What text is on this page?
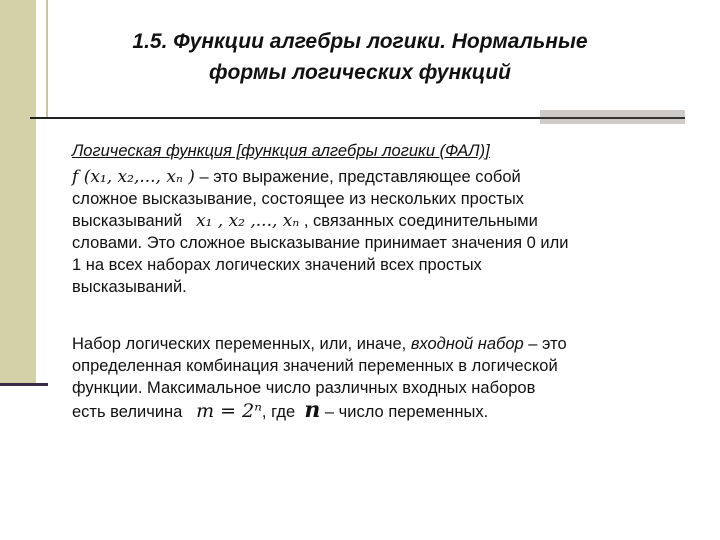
1.5. Функции алгебры логики. Нормальные
формы логических функций
Логическая функция [функция алгебры логики (ФАЛ)]
f (x₁, x₂,..., xₙ ) – это выражение, представляющее собой
сложное высказывание, состоящее из нескольких простых
высказываний x₁ , x₂ ,..., xₙ , связанных соединительными
словами. Это сложное высказывание принимает значения 0 или
1 на всех наборах логических значений всех простых
высказываний.
Набор логических переменных, или, иначе, входной набор – это
определенная комбинация значений переменных в логической
функции. Максимальное число различных входных наборов
есть величина m = 2ⁿ, где n – число переменных.
